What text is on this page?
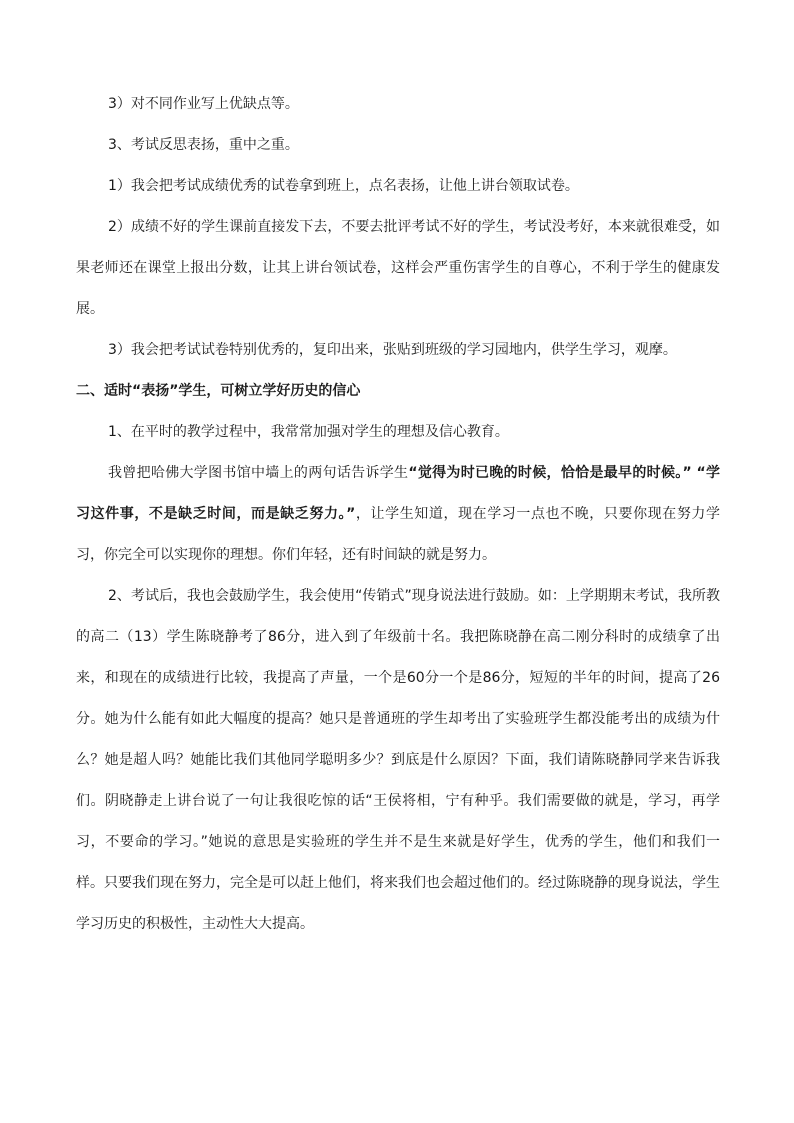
3）对不同作业写上优缺点等。

3、考试反思表扬，重中之重。

1）我会把考试成绩优秀的试卷拿到班上，点名表扬，让他上讲台领取试卷。

2）成绩不好的学生课前直接发下去，不要去批评考试不好的学生，考试没考好，本来就很难受，如果老师还在课堂上报出分数，让其上讲台领试卷，这样会严重伤害学生的自尊心，不利于学生的健康发展。

3）我会把考试试卷特别优秀的，复印出来，张贴到班级的学习园地内，供学生学习，观摩。

二、适时“表扬”学生，可树立学好历史的信心

1、在平时的教学过程中，我常常加强对学生的理想及信心教育。

我曾把哈佛大学图书馆中墙上的两句话告诉学生“觉得为时已晚的时候，恰恰是最早的时候。” “学习这件事，不是缺乏时间，而是缺乏努力。”，让学生知道，现在学习一点也不晚，只要你现在努力学习，你完全可以实现你的理想。你们年轻，还有时间缺的就是努力。

2、考试后，我也会鼓励学生，我会使用“传销式”现身说法进行鼓励。如：上学期期末考试，我所教的高二（13）学生陈晓静考了86分，进入到了年级前十名。我把陈晓静在高二刚分科时的成绩拿了出来，和现在的成绩进行比较，我提高了声量，一个是60分一个是86分，短短的半年的时间，提高了26分。她为什么能有如此大幅度的提高？她只是普通班的学生却考出了实验班学生都没能考出的成绩为什么？她是超人吗？她能比我们其他同学聪明多少？到底是什么原因？下面，我们请陈晓静同学来告诉我们。阴晓静走上讲台说了一句让我很吃惊的话“王侯将相，宁有种乎。我们需要做的就是，学习，再学习，不要命的学习。”她说的意思是实验班的学生并不是生来就是好学生，优秀的学生，他们和我们一样。只要我们现在努力，完全是可以赶上他们，将来我们也会超过他们的。经过陈晓静的现身说法，学生学习历史的积极性，主动性大大提高。
